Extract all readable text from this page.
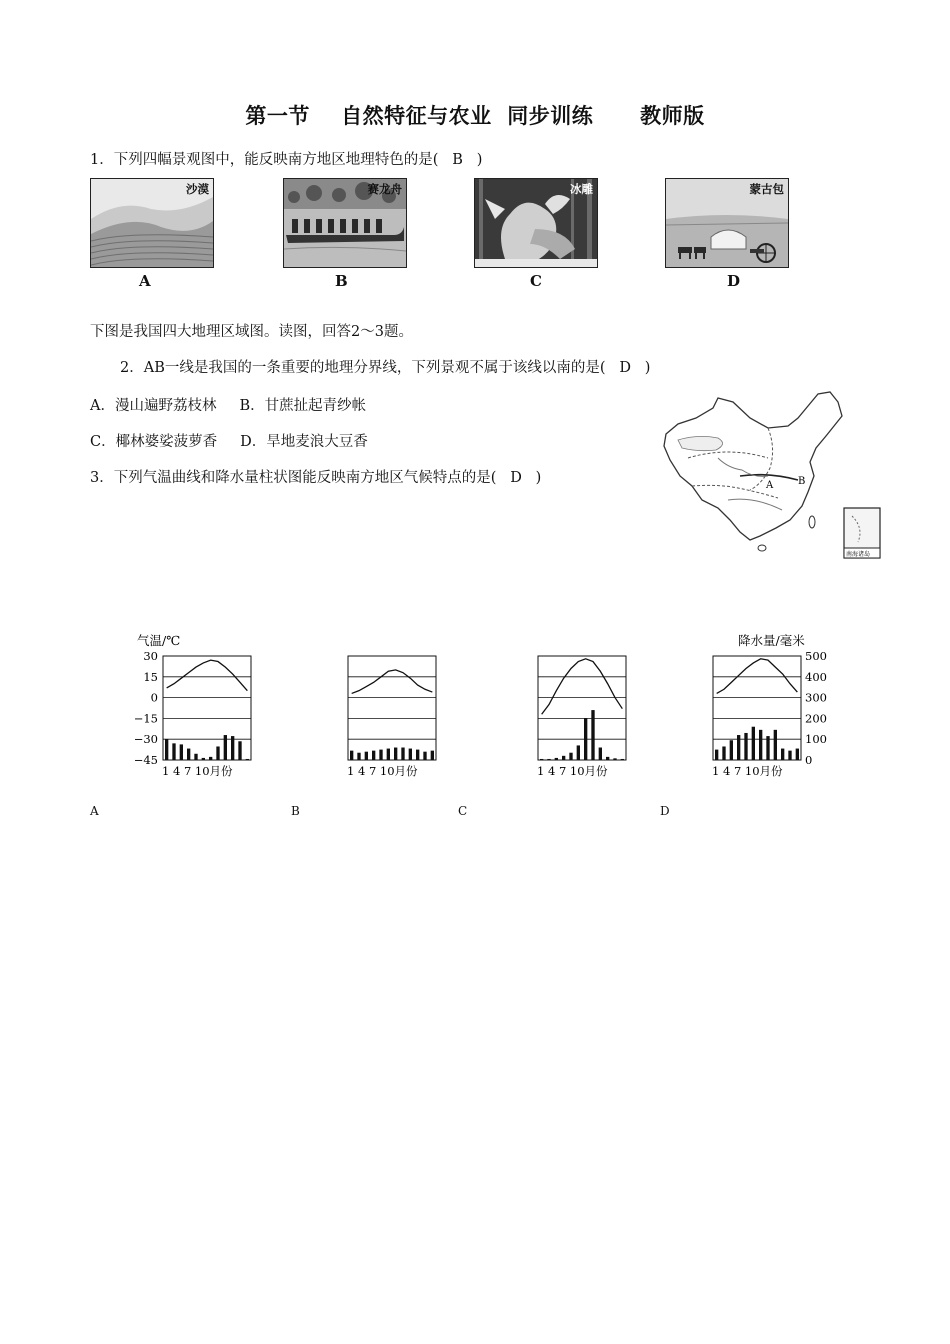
第一节    自然特征与农业  同步训练      教师版
1．下列四幅景观图中，能反映南方地区地理特色的是(   B   )
沙漠
A
赛龙舟
B
冰雕
C
蒙古包
D
下图是我国四大地理区域图。读图，回答2～3题。
2．AB一线是我国的一条重要的地理分界线，下列景观不属于该线以南的是(   D   )
A．漫山遍野荔枝林     B．甘蔗扯起青纱帐
C．椰林婆娑菠萝香     D．旱地麦浪大豆香
3．下列气温曲线和降水量柱状图能反映南方地区气候特点的是(   D   )	A B
南海诸岛
气温/℃	降水量/毫米
1 4 7 10月份	1 4 7 10月份	1 4 7 10月份	1 4 7 10月份
30
15
0
−15
−30
−45
500
400
300
200
100
0
A	B	C	D
